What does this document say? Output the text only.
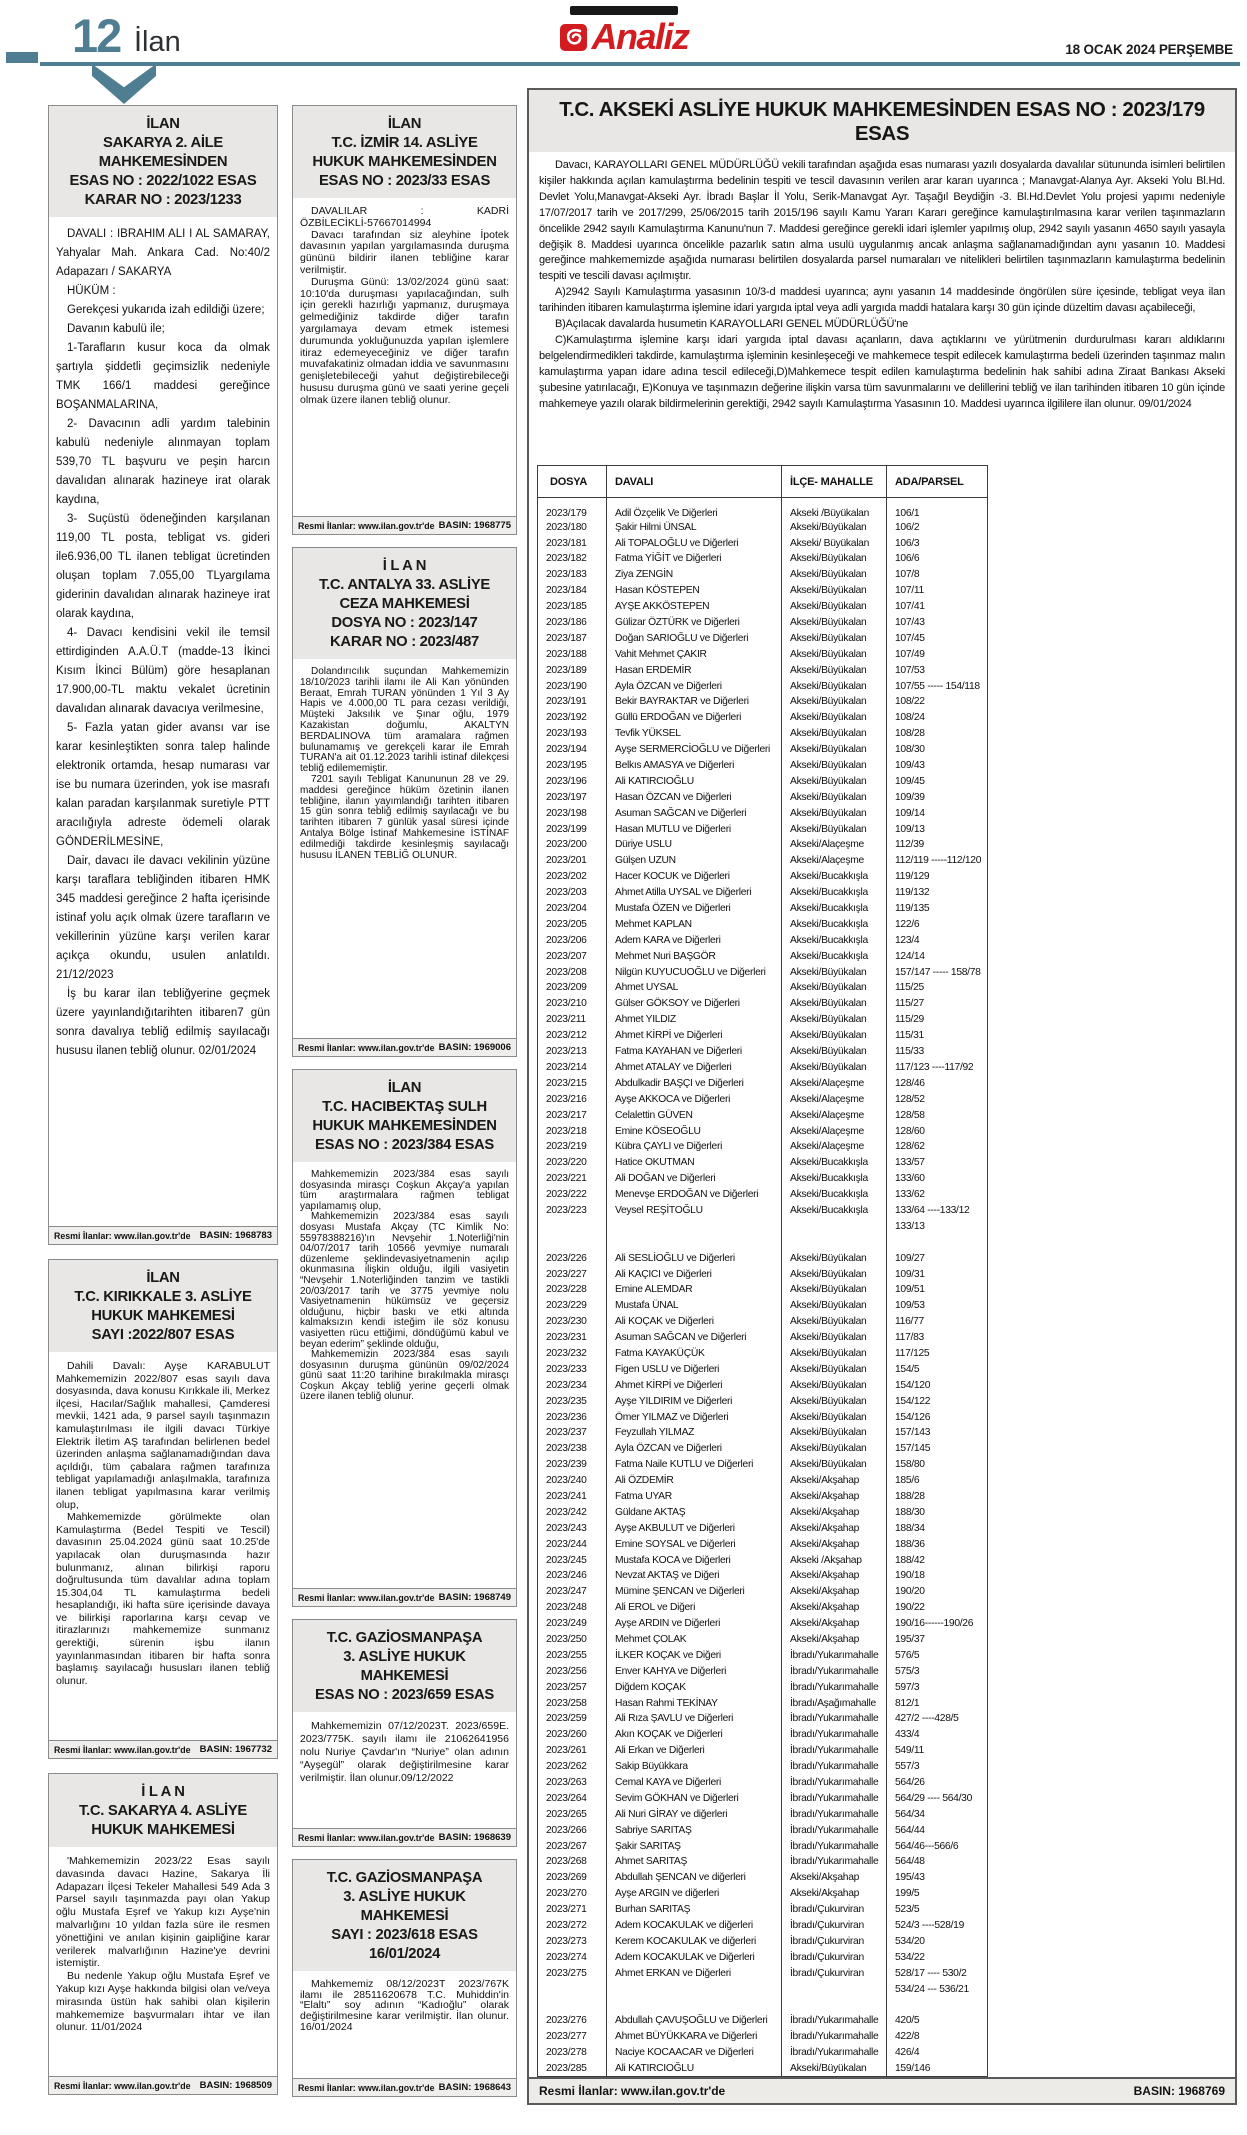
12 İlan	Analiz	18 OCAK 2024 PERŞEMBE
İLAN
SAKARYA 2. AİLE
MAHKEMESİNDEN
ESAS NO : 2022/1022 ESAS
KARAR NO : 2023/1233

DAVALI : IBRAHIM ALI I AL SAMARAY, Yahyalar Mah. Ankara Cad. No:40/2 Adapazarı / SAKARYA

HÜKÜM :

Gerekçesi yukarıda izah edildiği üzere;

Davanın kabulü ile;

1-Tarafların kusur koca da olmak şartıyla şiddetli geçimsizlik nedeniyle TMK 166/1 maddesi gereğince BOŞANMALARINA,

2- Davacının adli yardım talebinin kabulü nedeniyle alınmayan toplam 539,70 TL başvuru ve peşin harcın davalıdan alınarak hazineye irat olarak kaydına,

3- Suçüstü ödeneğinden karşılanan 119,00 TL posta, tebligat vs. gideri ile6.936,00 TL ilanen tebligat ücretinden oluşan toplam 7.055,00 TLyargılama giderinin davalıdan alınarak hazineye irat olarak kaydına,

4- Davacı kendisini vekil ile temsil ettirdiginden A.A.Ü.T (madde-13 İkinci Kısım İkinci Bülüm) göre hesaplanan 17.900,00-TL maktu vekalet ücretinin davalıdan alınarak davacıya verilmesine,

5- Fazla yatan gider avansı var ise karar kesinleştikten sonra talep halinde elektronik ortamda, hesap numarası var ise bu numara üzerinden, yok ise masrafı kalan paradan karşılanmak suretiyle PTT aracılığıyla adreste ödemeli olarak GÖNDERİLMESİNE,

Dair, davacı ile davacı vekilinin yüzüne karşı taraflara tebliğinden itibaren HMK 345 maddesi gereğince 2 hafta içerisinde istinaf yolu açık olmak üzere tarafların ve vekillerinin yüzüne karşı verilen karar açıkça okundu, usulen anlatıldı. 21/12/2023

İş bu karar ilan tebliğyerine geçmek üzere yayınlandığıtarihten itibaren7 gün sonra davalıya tebliğ edilmiş sayılacağı hususu ilanen tebliğ olunur. 02/01/2024

Resmi İlanlar: www.ilan.gov.tr'de BASIN: 1968783
İLAN
T.C. KIRIKKALE 3. ASLİYE
HUKUK MAHKEMESİ
SAYI :2022/807 ESAS

Dahili Davalı: Ayşe KARABULUT Mahkememizin 2022/807 esas sayılı dava dosyasında, dava konusu Kırıkkale ili, Merkez ilçesi, Hacılar/Sağlık mahallesi, Çamderesi mevkii, 1421 ada, 9 parsel sayılı taşınmazın kamulaştırılması ile ilgili davacı Türkiye Elektrik İletim AŞ tarafından belirlenen bedel üzerinden anlaşma sağlanamadığından dava açıldığı, tüm çabalara rağmen tarafınıza tebligat yapılamadığı anlaşılmakla, tarafınıza ilanen tebligat yapılmasına karar verilmiş olup,

Mahkememizde görülmekte olan Kamulaştırma (Bedel Tespiti ve Tescil) davasının 25.04.2024 günü saat 10.25'de yapılacak olan duruşmasında hazır bulunmanız, alınan bilirkişi raporu doğrultusunda tüm davalılar adına toplam 15.304,04 TL kamulaştırma bedeli hesaplandığı, iki hafta süre içerisinde davaya ve bilirkişi raporlarına karşı cevap ve itirazlarınızı mahkememize sunmanız gerektiği, sürenin işbu ilanın yayınlanmasından itibaren bir hafta sonra başlamış sayılacağı hususları ilanen tebliğ olunur.

Resmi İlanlar: www.ilan.gov.tr'de BASIN: 1967732
İ L A N
T.C. SAKARYA 4. ASLİYE
HUKUK MAHKEMESİ

'Mahkememizin 2023/22 Esas sayılı davasında davacı Hazine, Sakarya İli Adapazarı İlçesi Tekeler Mahallesi 549 Ada 3 Parsel sayılı taşınmazda payı olan Yakup oğlu Mustafa Eşref ve Yakup kızı Ayşe'nin malvarlığını 10 yıldan fazla süre ile resmen yönettiğini ve anılan kişinin gaipliğine karar verilerek malvarlığının Hazine'ye devrini istemiştir.

Bu nedenle Yakup oğlu Mustafa Eşref ve Yakup kızı Ayşe hakkında bilgisi olan ve/veya mirasında üstün hak sahibi olan kişilerin mahkememize başvurmaları ihtar ve ilan olunur. 11/01/2024

Resmi İlanlar: www.ilan.gov.tr'de BASIN: 1968509
İLAN
T.C. İZMİR 14. ASLİYE
HUKUK MAHKEMESİNDEN
ESAS NO : 2023/33 ESAS

DAVALILAR : KADRİ ÖZBİLECİKLİ-57667014994

Davacı tarafından siz aleyhine İpotek davasının yapılan yargılamasında duruşma gününü bildirir ilanen tebliğine karar verilmiştir.

Duruşma Günü: 13/02/2024 günü saat: 10:10'da duruşması yapılacağından, sulh için gerekli hazırlığı yapmanız, duruşmaya gelmediğiniz takdirde diğer tarafın yargılamaya devam etmek istemesi durumunda yokluğunuzda yapılan işlemlere itiraz edemeyeceğiniz ve diğer tarafın muvafakatiniz olmadan iddia ve savunmasını genişletebileceği yahut değiştirebileceği hususu duruşma günü ve saati yerine geçeli olmak üzere ilanen tebliğ olunur.

Resmi İlanlar: www.ilan.gov.tr'de BASIN: 1968775
İ L A N
T.C. ANTALYA 33. ASLİYE
CEZA MAHKEMESİ
DOSYA NO : 2023/147
KARAR NO : 2023/487

Dolandırıcılık suçundan Mahkememizin 18/10/2023 tarihli ilamı ile Ali Kan yönünden Beraat, Emrah TURAN yönünden 1 Yıl 3 Ay Hapis ve 4.000,00 TL para cezası verildiği, Müşteki Jaksılık ve Şınar oğlu, 1979 Kazakistan doğumlu, AKALTYN BERDALINOVA tüm aramalara rağmen bulunamamış ve gerekçeli karar ile Emrah TURAN'a ait 01.12.2023 tarihli istinaf dilekçesi tebliğ edilememiştir.

7201 sayılı Tebligat Kanununun 28 ve 29. maddesi gereğince hüküm özetinin ilanen tebliğine, ilanın yayımlandığı tarihten itibaren 15 gün sonra tebliğ edilmiş sayılacağı ve bu tarihten itibaren 7 günlük yasal süresi içinde Antalya Bölge İstinaf Mahkemesine İSTİNAF edilmediği takdirde kesinleşmiş sayılacağı hususu İLANEN TEBLİĞ OLUNUR.

Resmi İlanlar: www.ilan.gov.tr'de BASIN: 1969006
İLAN
T.C. HACIBEKTAŞ SULH
HUKUK MAHKEMESİNDEN
ESAS NO : 2023/384 ESAS

Mahkememizin 2023/384 esas sayılı dosyasında mirasçı Coşkun Akçay'a yapılan tüm araştırmalara rağmen tebligat yapılamamış olup,

Mahkememizin 2023/384 esas sayılı dosyası Mustafa Akçay (TC Kimlik No: 55978388216)'ın Nevşehir 1.Noterliği'nin 04/07/2017 tarih 10566 yevmiye numaralı düzenleme şeklindevasiyetnamenin açılıp okunmasına ilişkin olduğu, ilgili vasiyetin “Nevşehir 1.Noterliğinden tanzim ve tastikli 20/03/2017 tarih ve 3775 yevmiye nolu Vasiyetnamenin hükümsüz ve geçersiz olduğunu, hiçbir baskı ve etki altında kalmaksızın kendi isteğim ile söz konusu vasiyetten rücu ettiğimi, döndüğümü kabul ve beyan ederim” şeklinde olduğu,

Mahkememizin 2023/384 esas sayılı dosyasının duruşma gününün 09/02/2024 günü saat 11:20 tarihine bırakılmakla mirasçı Coşkun Akçay tebliğ yerine geçerli olmak üzere ilanen tebliğ olunur.

Resmi İlanlar: www.ilan.gov.tr'de BASIN: 1968749
T.C. GAZİOSMANPAŞA
3. ASLİYE HUKUK
MAHKEMESİ
ESAS NO : 2023/659 ESAS

Mahkememizin 07/12/2023T. 2023/659E. 2023/775K. sayılı ilamı ile 21062641956 nolu Nuriye Çavdar'ın “Nuriye” olan adının “Ayşegül” olarak değiştirilmesine karar verilmiştir. İlan olunur.09/12/2022

Resmi İlanlar: www.ilan.gov.tr'de BASIN: 1968639
T.C. GAZİOSMANPAŞA
3. ASLİYE HUKUK
MAHKEMESİ
SAYI : 2023/618 ESAS
16/01/2024

Mahkememiz 08/12/2023T 2023/767K ilamı ile 28511620678 T.C. Muhiddin'in “Elaltı” soy adının “Kadıoğlu” olarak değiştirilmesine karar verilmiştir. İlan olunur. 16/01/2024

Resmi İlanlar: www.ilan.gov.tr'de BASIN: 1968643
T.C. AKSEKİ ASLİYE HUKUK MAHKEMESİNDEN ESAS NO : 2023/179 ESAS

Davacı, KARAYOLLARI GENEL MÜDÜRLÜĞÜ vekili tarafından aşağıda esas numarası yazılı dosyalarda davalılar sütununda isimleri belirtilen kişiler hakkında açılan kamulaştırma bedelinin tespiti ve tescil davasının verilen arar kararı uyarınca ; Manavgat-Alanya Ayr. Akseki Yolu Bl.Hd. Devlet Yolu,Manavgat-Akseki Ayr. İbradı Başlar İl Yolu, Serik-Manavgat Ayr. Taşağıl Beydiğin -3. Bl.Hd.Devlet Yolu projesi yapımı nedeniyle 17/07/2017 tarih ve 2017/299, 25/06/2015 tarih 2015/196 sayılı Kamu Yararı Kararı gereğince kamulaştırılmasına karar verilen taşınmazların öncelikle 2942 sayılı Kamulaştırma Kanunu'nun 7. Maddesi gereğince gerekli idari işlemler yapılmış olup, 2942 sayılı yasanın 4650 sayılı yasayla değişik 8. Maddesi uyarınca öncelikle pazarlık satın alma usulü uygulanmış ancak anlaşma sağlanamadığından aynı yasanın 10. Maddesi gereğince mahkememizde aşağıda numarası belirtilen dosyalarda parsel numaraları ve nitelikleri belirtilen taşınmazların kamulaştırma bedelinin tespiti ve tescili davası açılmıştır.

A)2942 Sayılı Kamulaştırma yasasının 10/3-d maddesi uyarınca; aynı yasanın 14 maddesinde öngörülen süre içesinde, tebligat veya ilan tarihinden itibaren kamulaştırma işlemine idari yargıda iptal veya adli yargıda maddi hatalara karşı 30 gün içinde düzeltim davası açabileceği,

B)Açılacak davalarda husumetin KARAYOLLARI GENEL MÜDÜRLÜĞÜ'ne

C)Kamulaştırma işlemine karşı idari yargıda iptal davası açanların, dava açtıklarını ve yürütmenin durdurulması kararı aldıklarını belgelendirmedikleri takdirde, kamulaştırma işleminin kesinleşeceği ve mahkemece tespit edilecek kamulaştırma bedeli üzerinden taşınmaz malın kamulaştırma yapan idare adına tescil edileceği,D)Mahkemece tespit edilen kamulaştırma bedelinin hak sahibi adına Ziraat Bankası Akseki şubesine yatırılacağı, E)Konuya ve taşınmazın değerine ilişkin varsa tüm savunmalarını ve delillerini tebliğ ve ilan tarihinden itibaren 10 gün içinde mahkemeye yazılı olarak bildirmelerinin gerektiği, 2942 sayılı Kamulaştırma Yasasının 10. Maddesi uyarınca ilgililere ilan olunur. 09/01/2024

DOSYA	DAVALI	İLÇE- MAHALLE	ADA/PARSEL
2023/179	Adil Özçelik Ve Diğerleri	Akseki /Büyükalan	106/1
2023/180	Şakir Hilmi ÜNSAL	Akseki/Büyükalan	106/2
2023/181	Ali TOPALOĞLU ve Diğerleri	Akseki/ Büyükalan	106/3
2023/182	Fatma YİĞİT ve Diğerleri	Akseki/Büyükalan	106/6
2023/183	Ziya ZENGİN	Akseki/Büyükalan	107/8
2023/184	Hasan KÖSTEPEN	Akseki/Büyükalan	107/11
2023/185	AYŞE AKKÖSTEPEN	Akseki/Büyükalan	107/41
2023/186	Gülizar ÖZTÜRK ve Diğerleri	Akseki/Büyükalan	107/43
2023/187	Doğan SARIOĞLU ve Diğerleri	Akseki/Büyükalan	107/45
2023/188	Vahit Mehmet ÇAKIR	Akseki/Büyükalan	107/49
2023/189	Hasan ERDEMİR	Akseki/Büyükalan	107/53
2023/190	Ayla ÖZCAN ve Diğerleri	Akseki/Büyükalan	107/55 ----- 154/118
2023/191	Bekir BAYRAKTAR ve Diğerleri	Akseki/Büyükalan	108/22
2023/192	Güllü ERDOĞAN ve Diğerleri	Akseki/Büyükalan	108/24
2023/193	Tevfik YÜKSEL	Akseki/Büyükalan	108/28
2023/194	Ayşe SERMERCİOĞLU ve Diğerleri	Akseki/Büyükalan	108/30
2023/195	Belkıs AMASYA ve Diğerleri	Akseki/Büyükalan	109/43
2023/196	Ali KATIRCIOĞLU	Akseki/Büyükalan	109/45
2023/197	Hasan ÖZCAN ve Diğerleri	Akseki/Büyükalan	109/39
2023/198	Asuman SAĞCAN ve Diğerleri	Akseki/Büyükalan	109/14
2023/199	Hasan MUTLU ve Diğerleri	Akseki/Büyükalan	109/13
2023/200	Düriye USLU	Akseki/Alaçeşme	112/39
2023/201	Gülşen UZUN	Akseki/Alaçeşme	112/119 -----112/120
2023/202	Hacer KOCUK ve Diğerleri	Akseki/Bucakkışla	119/129
2023/203	Ahmet Atilla UYSAL ve Diğerleri	Akseki/Bucakkışla	119/132
2023/204	Mustafa ÖZEN ve Diğerleri	Akseki/Bucakkışla	119/135
2023/205	Mehmet KAPLAN	Akseki/Bucakkışla	122/6
2023/206	Adem KARA ve Diğerleri	Akseki/Bucakkışla	123/4
2023/207	Mehmet Nuri BAŞGÖR	Akseki/Bucakkışla	124/14
2023/208	Nilgün KUYUCUOĞLU ve Diğerleri	Akseki/Büyükalan	157/147 ----- 158/78
2023/209	Ahmet UYSAL	Akseki/Büyükalan	115/25
2023/210	Gülser GÖKSOY ve Diğerleri	Akseki/Büyükalan	115/27
2023/211	Ahmet YILDIZ	Akseki/Büyükalan	115/29
2023/212	Ahmet KİRPİ ve Diğerleri	Akseki/Büyükalan	115/31
2023/213	Fatma KAYAHAN ve Diğerleri	Akseki/Büyükalan	115/33
2023/214	Ahmet ATALAY ve Diğerleri	Akseki/Büyükalan	117/123 ----117/92
2023/215	Abdulkadir BAŞÇI ve Diğerleri	Akseki/Alaçeşme	128/46
2023/216	Ayşe AKKOCA ve Diğerleri	Akseki/Alaçeşme	128/52
2023/217	Celalettin GÜVEN	Akseki/Alaçeşme	128/58
2023/218	Emine KÖSEOĞLU	Akseki/Alaçeşme	128/60
2023/219	Kübra ÇAYLI ve Diğerleri	Akseki/Alaçeşme	128/62
2023/220	Hatice OKUTMAN	Akseki/Bucakkışla	133/57
2023/221	Ali DOĞAN ve Diğerleri	Akseki/Bucakkışla	133/60
2023/222	Menevşe ERDOĞAN ve Diğerleri	Akseki/Bucakkışla	133/62
2023/223	Veysel REŞİTOĞLU	Akseki/Bucakkışla	133/64 ----133/12
			133/13

2023/226	Ali SESLİOĞLU ve Diğerleri	Akseki/Büyükalan	109/27
2023/227	Ali KAÇICI ve Diğerleri	Akseki/Büyükalan	109/31
2023/228	Emine ALEMDAR	Akseki/Büyükalan	109/51
2023/229	Mustafa ÜNAL	Akseki/Büyükalan	109/53
2023/230	Ali KOÇAK ve Diğerleri	Akseki/Büyükalan	116/77
2023/231	Asuman SAĞCAN ve Diğerleri	Akseki/Büyükalan	117/83
2023/232	Fatma KAYAKÜÇÜK	Akseki/Büyükalan	117/125
2023/233	Figen USLU ve Diğerleri	Akseki/Büyükalan	154/5
2023/234	Ahmet KİRPİ ve Diğerleri	Akseki/Büyükalan	154/120
2023/235	Ayşe YILDIRIM ve Diğerleri	Akseki/Büyükalan	154/122
2023/236	Ömer YILMAZ ve Diğerleri	Akseki/Büyükalan	154/126
2023/237	Feyzullah YILMAZ	Akseki/Büyükalan	157/143
2023/238	Ayla ÖZCAN ve Diğerleri	Akseki/Büyükalan	157/145
2023/239	Fatma Naile KUTLU ve Diğerleri	Akseki/Büyükalan	158/80
2023/240	Ali ÖZDEMİR	Akseki/Akşahap	185/6
2023/241	Fatma UYAR	Akseki/Akşahap	188/28
2023/242	Güldane AKTAŞ	Akseki/Akşahap	188/30
2023/243	Ayşe AKBULUT ve Diğerleri	Akseki/Akşahap	188/34
2023/244	Emine SOYSAL ve Diğerleri	Akseki/Akşahap	188/36
2023/245	Mustafa KOCA ve Diğerleri	Akseki /Akşahap	188/42
2023/246	Nevzat AKTAŞ ve Diğeri	Akseki/Akşahap	190/18
2023/247	Mümine ŞENCAN ve Diğerleri	Akseki/Akşahap	190/20
2023/248	Ali EROL ve Diğeri	Akseki/Akşahap	190/22
2023/249	Ayşe ARDIN ve Diğerleri	Akseki/Akşahap	190/16------190/26
2023/250	Mehmet ÇOLAK	Akseki/Akşahap	195/37
2023/255	İLKER KOÇAK ve Diğeri	İbradı/Yukarımahalle	576/5
2023/256	Enver KAHYA ve Diğerleri	İbradı/Yukarımahalle	575/3
2023/257	Diğdem KOÇAK	İbradı/Yukarımahalle	597/3
2023/258	Hasan Rahmi TEKİNAY	İbradı/Aşağımahalle	812/1
2023/259	Ali Rıza ŞAVLU ve Diğerleri	İbradı/Yukarımahalle	427/2 ----428/5
2023/260	Akın KOÇAK ve Diğerleri	İbradı/Yukarımahalle	433/4
2023/261	Ali Erkan ve Diğerleri	İbradı/Yukarımahalle	549/11
2023/262	Sakip Büyükkara	İbradı/Yukarımahalle	557/3
2023/263	Cemal KAYA ve Diğerleri	İbradı/Yukarımahalle	564/26
2023/264	Sevim GÖKHAN ve Diğerleri	İbradı/Yukarımahalle	564/29 ---- 564/30
2023/265	Ali Nuri GİRAY ve diğerleri	İbradı/Yukarımahalle	564/34
2023/266	Sabriye SARITAŞ	İbradı/Yukarımahalle	564/44
2023/267	Şakir SARITAŞ	İbradı/Yukarımahalle	564/46---566/6
2023/268	Ahmet SARITAŞ	İbradı/Yukarımahalle	564/48
2023/269	Abdullah ŞENCAN ve diğerleri	Akseki/Akşahap	195/43
2023/270	Ayşe ARGIN ve diğerleri	Akseki/Akşahap	199/5
2023/271	Burhan SARITAŞ	İbradı/Çukurviran	523/5
2023/272	Adem KOCAKULAK ve diğerleri	İbradı/Çukurviran	524/3 ----528/19
2023/273	Kerem KOCAKULAK ve diğerleri	İbradı/Çukurviran	534/20
2023/274	Adem KOCAKULAK ve Diğerleri	İbradı/Çukurviran	534/22
2023/275	Ahmet ERKAN ve Diğerleri	İbradı/Çukurviran	528/17 ---- 530/2
			534/24 --- 536/21

2023/276	Abdullah ÇAVUŞOĞLU ve Diğerleri	İbradı/Yukarımahalle	420/5
2023/277	Ahmet BÜYÜKKARA ve Diğerleri	İbradı/Yukarımahalle	422/8
2023/278	Naciye KOCAACAR ve Diğerleri	İbradı/Yukarımahalle	426/4
2023/285	Ali KATIRCIOĞLU	Akseki/Büyükalan	159/146
Resmi İlanlar: www.ilan.gov.tr'de	BASIN: 1968769
